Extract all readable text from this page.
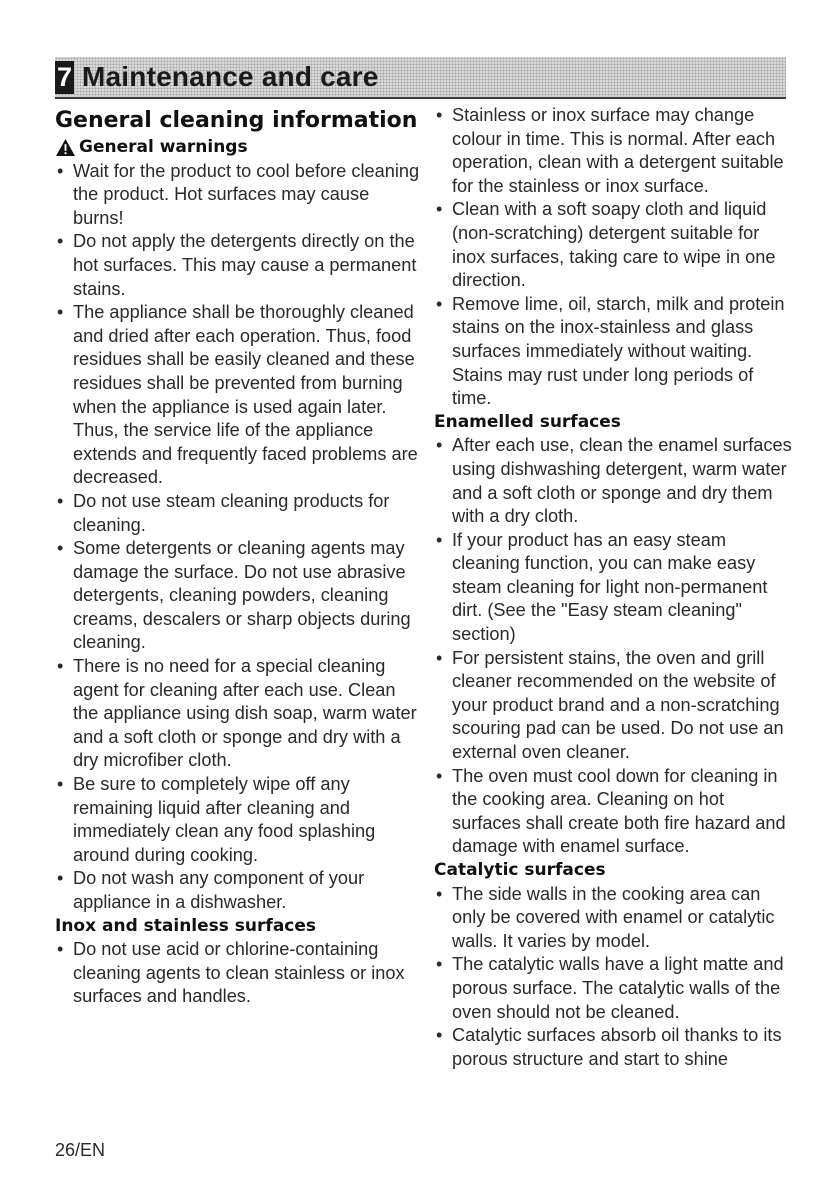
7 Maintenance and care
General cleaning information
General warnings
• Wait for the product to cool before cleaning the product. Hot surfaces may cause burns!
• Do not apply the detergents directly on the hot surfaces. This may cause a permanent stains.
• The appliance shall be thoroughly cleaned and dried after each operation. Thus, food residues shall be easily cleaned and these residues shall be prevented from burning when the appliance is used again later. Thus, the service life of the appliance extends and frequently faced problems are decreased.
• Do not use steam cleaning products for cleaning.
• Some detergents or cleaning agents may damage the surface. Do not use abrasive detergents, cleaning powders, cleaning creams, descalers or sharp objects during cleaning.
• There is no need for a special cleaning agent for cleaning after each use. Clean the appliance using dish soap, warm water and a soft cloth or sponge and dry with a dry microfiber cloth.
• Be sure to completely wipe off any remaining liquid after cleaning and immediately clean any food splashing around during cooking.
• Do not wash any component of your appliance in a dishwasher.
Inox and stainless surfaces
• Do not use acid or chlorine-containing cleaning agents to clean stainless or inox surfaces and handles.
• Stainless or inox surface may change colour in time. This is normal. After each operation, clean with a detergent suitable for the stainless or inox surface.
• Clean with a soft soapy cloth and liquid (non-scratching) detergent suitable for inox surfaces, taking care to wipe in one direction.
• Remove lime, oil, starch, milk and protein stains on the inox-stainless and glass surfaces immediately without waiting. Stains may rust under long periods of time.
Enamelled surfaces
• After each use, clean the enamel surfaces using dishwashing detergent, warm water and a soft cloth or sponge and dry them with a dry cloth.
• If your product has an easy steam cleaning function, you can make easy steam cleaning for light non-permanent dirt. (See the "Easy steam cleaning" section)
• For persistent stains, the oven and grill cleaner recommended on the website of your product brand and a non-scratching scouring pad can be used. Do not use an external oven cleaner.
• The oven must cool down for cleaning in the cooking area. Cleaning on hot surfaces shall create both fire hazard and damage with enamel surface.
Catalytic surfaces
• The side walls in the cooking area can only be covered with enamel or catalytic walls. It varies by model.
• The catalytic walls have a light matte and porous surface. The catalytic walls of the oven should not be cleaned.
• Catalytic surfaces absorb oil thanks to its porous structure and start to shine
26/EN
